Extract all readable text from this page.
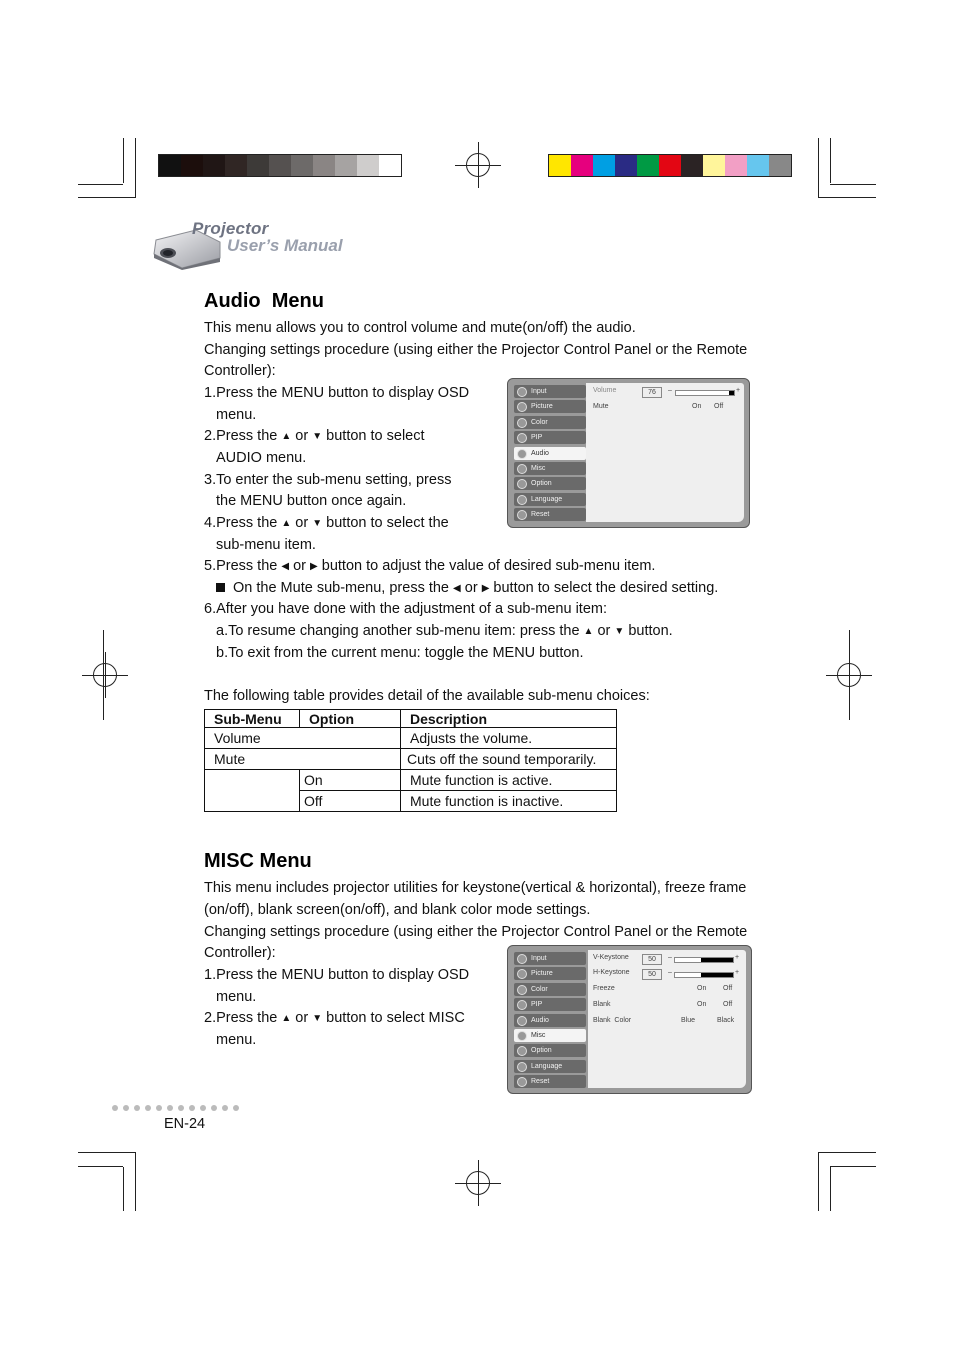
Projector
User’s Manual
Audio  Menu
This menu allows you to control volume and mute(on/off) the audio.
Changing settings procedure (using either the Projector Control Panel or the Remote
Controller):
1.Press the MENU button to display OSD
menu.
2.Press the ▲ or ▼ button to select
AUDIO menu.
3.To enter the sub-menu setting, press
the MENU button once again.
4.Press the ▲ or ▼ button to select the
sub-menu item.
5.Press the ◀ or ▶ button to adjust the value of desired sub-menu item.
On the Mute sub-menu, press the ◀ or ▶ button to select the desired setting.
6.After you have done with the adjustment of a sub-menu item:
a.To resume changing another sub-menu item: press the ▲ or ▼ button.
b.To exit from the current menu: toggle the MENU button.
The following table provides detail of the available sub-menu choices:
Input
Picture
Color
PIP
Audio
Misc
Option
Language
Reset
Volume	76	–	+
Mute	On Off
Sub-Menu	Option	Description
Volume		Adjusts the volume.
Mute		Cuts off the sound temporarily.
	On	Mute function is active.
	Off	Mute function is inactive.
MISC Menu
This menu includes projector utilities for keystone(vertical & horizontal), freeze frame
(on/off), blank screen(on/off), and blank color mode settings.
Changing settings procedure (using either the Projector Control Panel or the Remote
Controller):
1.Press the MENU button to display OSD
menu.
2.Press the ▲ or ▼ button to select MISC
menu.
Input
Picture
Color
PIP
Audio
Misc
Option
Language
Reset
V-Keystone	50	–	+
H-Keystone	50	–	+
Freeze	On Off
Blank	On Off
Blank  Color	Blue	Black
EN-24
